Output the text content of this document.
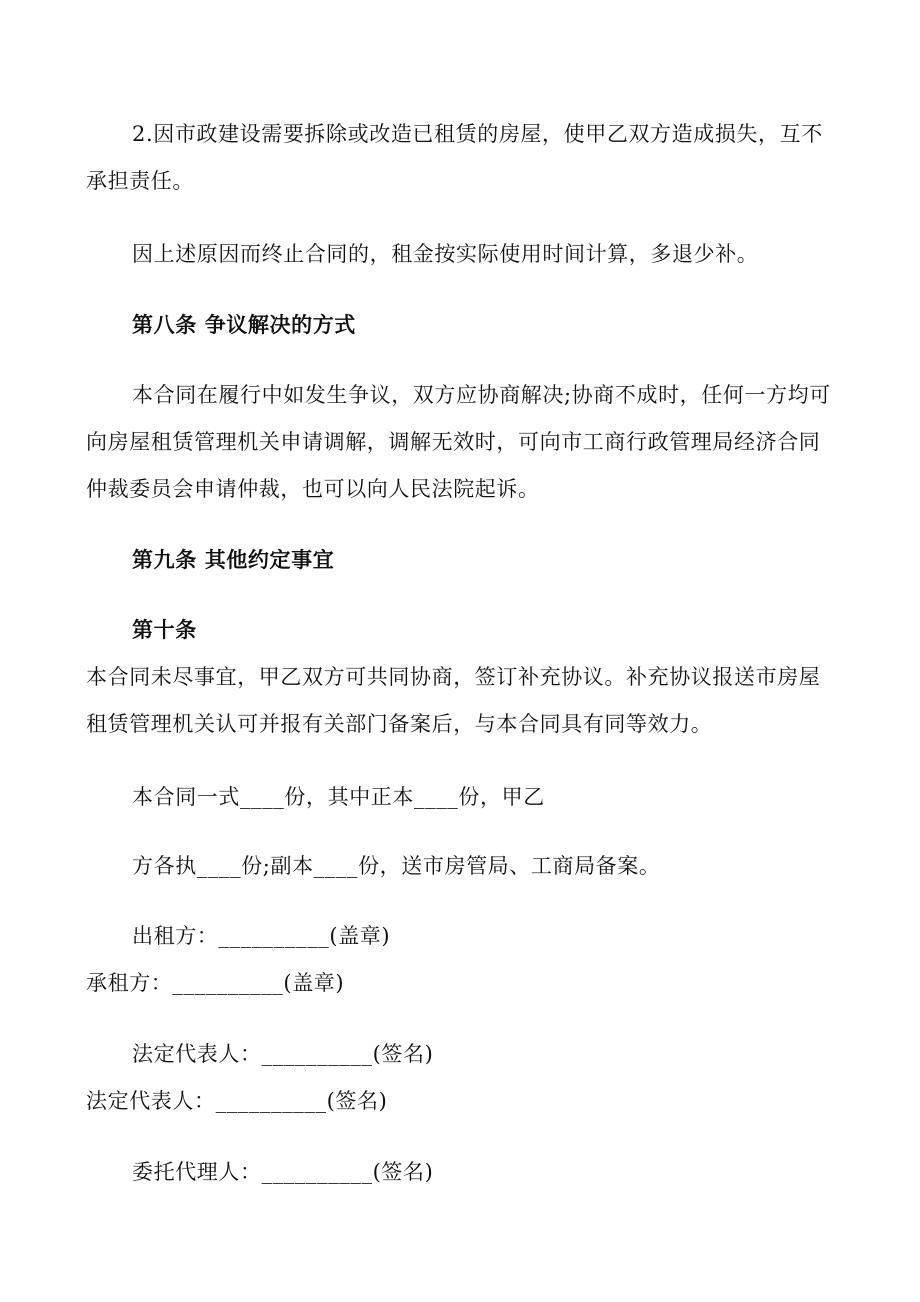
2.因市政建设需要拆除或改造已租赁的房屋，使甲乙双方造成损失，互不
承担责任。
因上述原因而终止合同的，租金按实际使用时间计算，多退少补。
第八条 争议解决的方式
本合同在履行中如发生争议，双方应协商解决;协商不成时，任何一方均可
向房屋租赁管理机关申请调解，调解无效时，可向市工商行政管理局经济合同
仲裁委员会申请仲裁，也可以向人民法院起诉。
第九条 其他约定事宜
第十条
本合同未尽事宜，甲乙双方可共同协商，签订补充协议。补充协议报送市房屋
租赁管理机关认可并报有关部门备案后，与本合同具有同等效力。
本合同一式____份，其中正本____份，甲乙
方各执____份;副本____份，送市房管局、工商局备案。
出租方：__________(盖章)
承租方：__________(盖章)
法定代表人：__________(签名)
法定代表人：__________(签名)
委托代理人：__________(签名)
